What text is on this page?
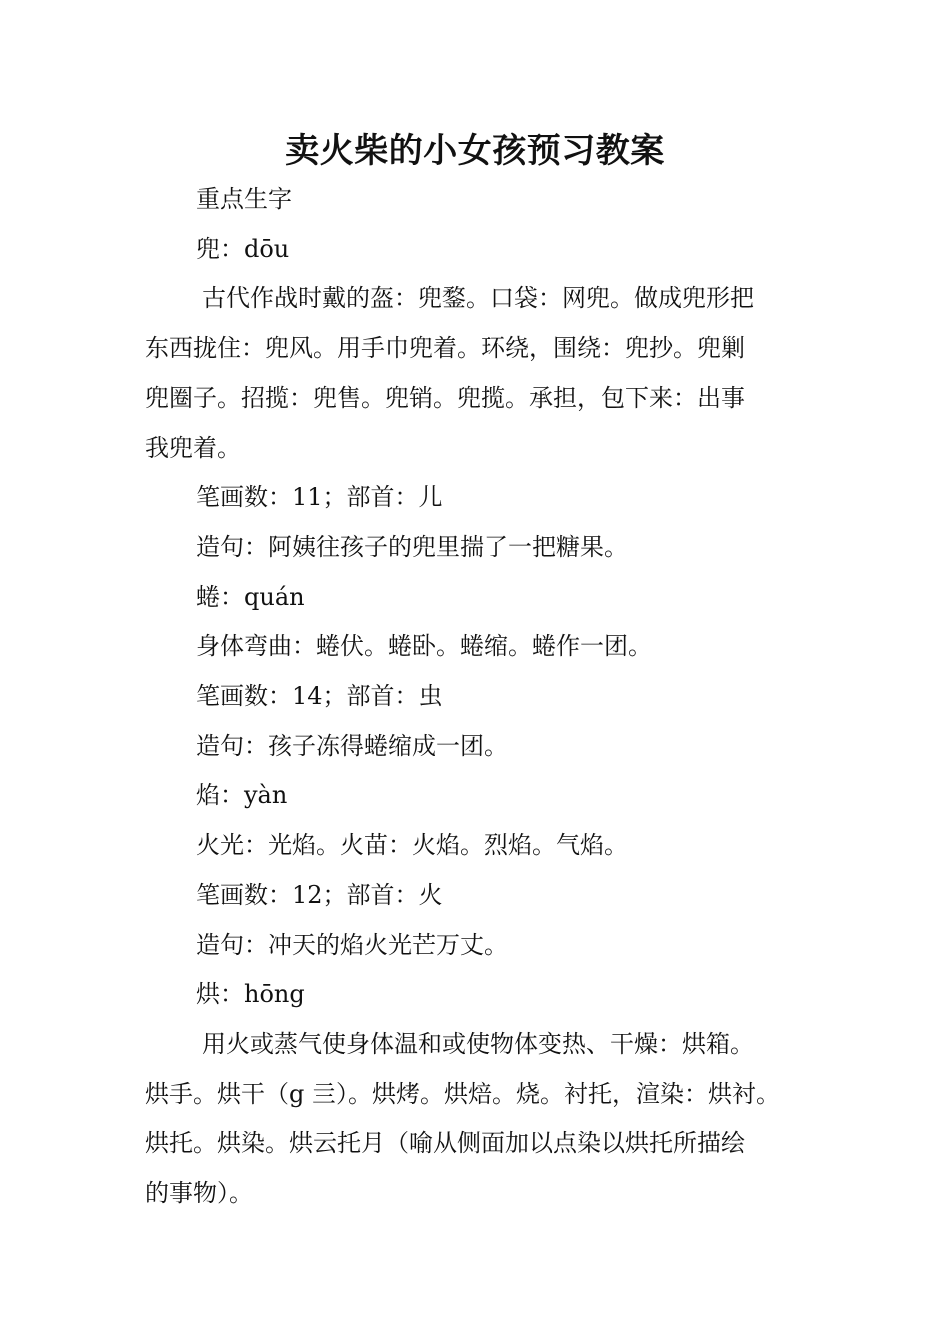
卖火柴的小女孩预习教案

重点生字

兜：dōu

古代作战时戴的盔：兜鍪。口袋：网兜。做成兜形把

东西拢住：兜风。用手巾兜着。环绕，围绕：兜抄。兜剿

兜圈子。招揽：兜售。兜销。兜揽。承担，包下来：出事

我兜着。

笔画数：11；部首：儿

造句：阿姨往孩子的兜里揣了一把糖果。

蜷：quán

身体弯曲：蜷伏。蜷卧。蜷缩。蜷作一团。

笔画数：14；部首：虫

造句：孩子冻得蜷缩成一团。

焰：yàn

火光：光焰。火苗：火焰。烈焰。气焰。

笔画数：12；部首：火

造句：冲天的焰火光芒万丈。

烘：hōng

用火或蒸气使身体温和或使物体变热、干燥：烘箱。

烘手。烘干（g 亖）。烘烤。烘焙。烧。衬托，渲染：烘衬。

烘托。烘染。烘云托月（喻从侧面加以点染以烘托所描绘

的事物）。
